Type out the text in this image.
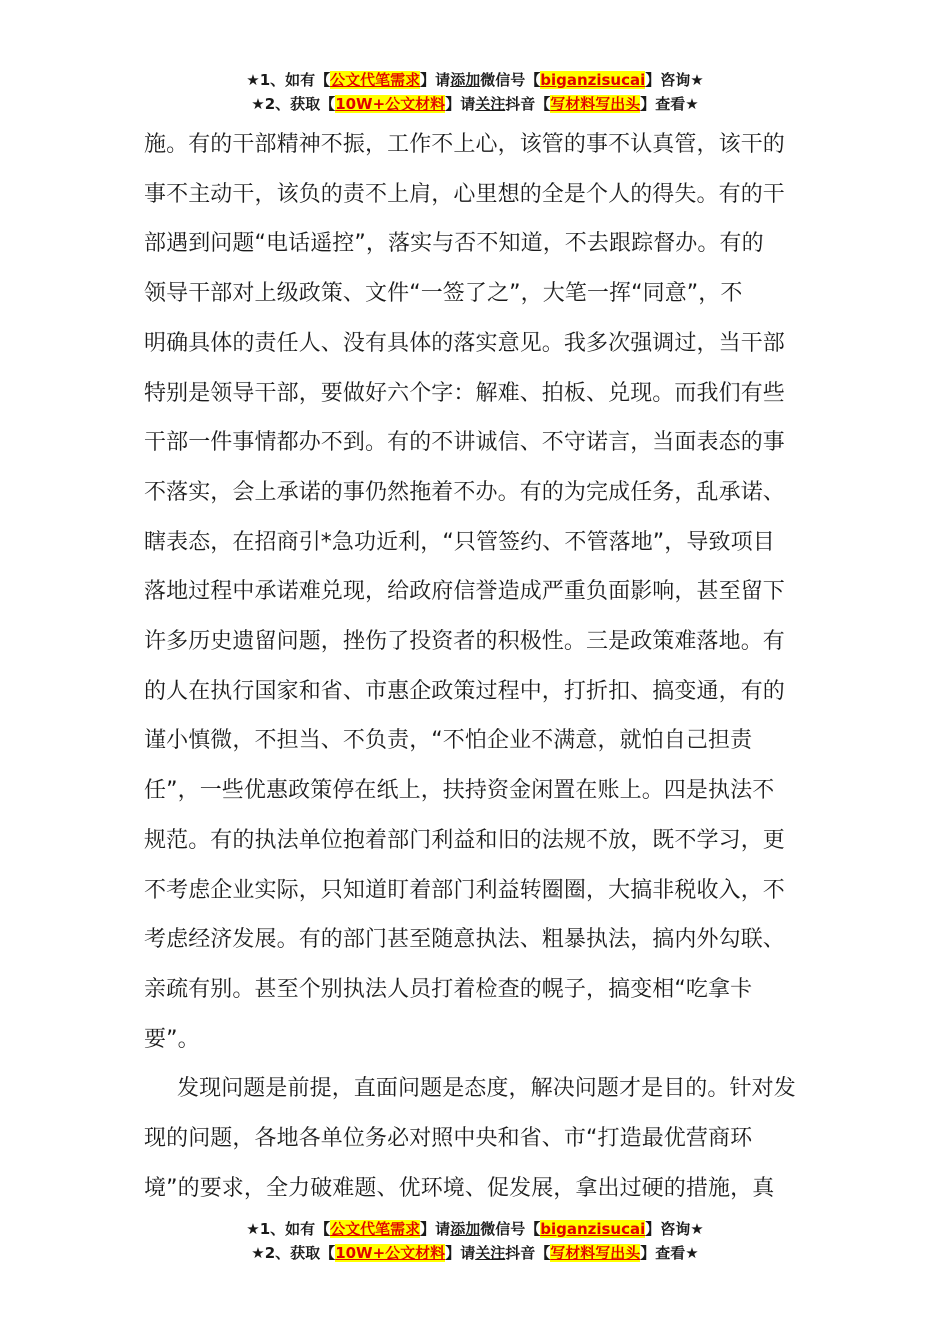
★1、如有【公文代笔需求】请添加微信号【biganzisucai】咨询★
★2、获取【10W+公文材料】请关注抖音【写材料写出头】查看★

施。有的干部精神不振，工作不上心，该管的事不认真管，该干的
事不主动干，该负的责不上肩，心里想的全是个人的得失。有的干
部遇到问题“电话遥控”，落实与否不知道，不去跟踪督办。有的
领导干部对上级政策、文件“一签了之”，大笔一挥“同意”，不
明确具体的责任人、没有具体的落实意见。我多次强调过，当干部
特别是领导干部，要做好六个字：解难、拍板、兑现。而我们有些
干部一件事情都办不到。有的不讲诚信、不守诺言，当面表态的事
不落实，会上承诺的事仍然拖着不办。有的为完成任务，乱承诺、
瞎表态，在招商引*急功近利，“只管签约、不管落地”，导致项目
落地过程中承诺难兑现，给政府信誉造成严重负面影响，甚至留下
许多历史遗留问题，挫伤了投资者的积极性。三是政策难落地。有
的人在执行国家和省、市惠企政策过程中，打折扣、搞变通，有的
谨小慎微，不担当、不负责，“不怕企业不满意，就怕自己担责
任”，一些优惠政策停在纸上，扶持资金闲置在账上。四是执法不
规范。有的执法单位抱着部门利益和旧的法规不放，既不学习，更
不考虑企业实际，只知道盯着部门利益转圈圈，大搞非税收入，不
考虑经济发展。有的部门甚至随意执法、粗暴执法，搞内外勾联、
亲疏有别。甚至个别执法人员打着检查的幌子，搞变相“吃拿卡
要”。

发现问题是前提，直面问题是态度，解决问题才是目的。针对发
现的问题，各地各单位务必对照中央和省、市“打造最优营商环
境”的要求，全力破难题、优环境、促发展，拿出过硬的措施，真

★1、如有【公文代笔需求】请添加微信号【biganzisucai】咨询★
★2、获取【10W+公文材料】请关注抖音【写材料写出头】查看★
